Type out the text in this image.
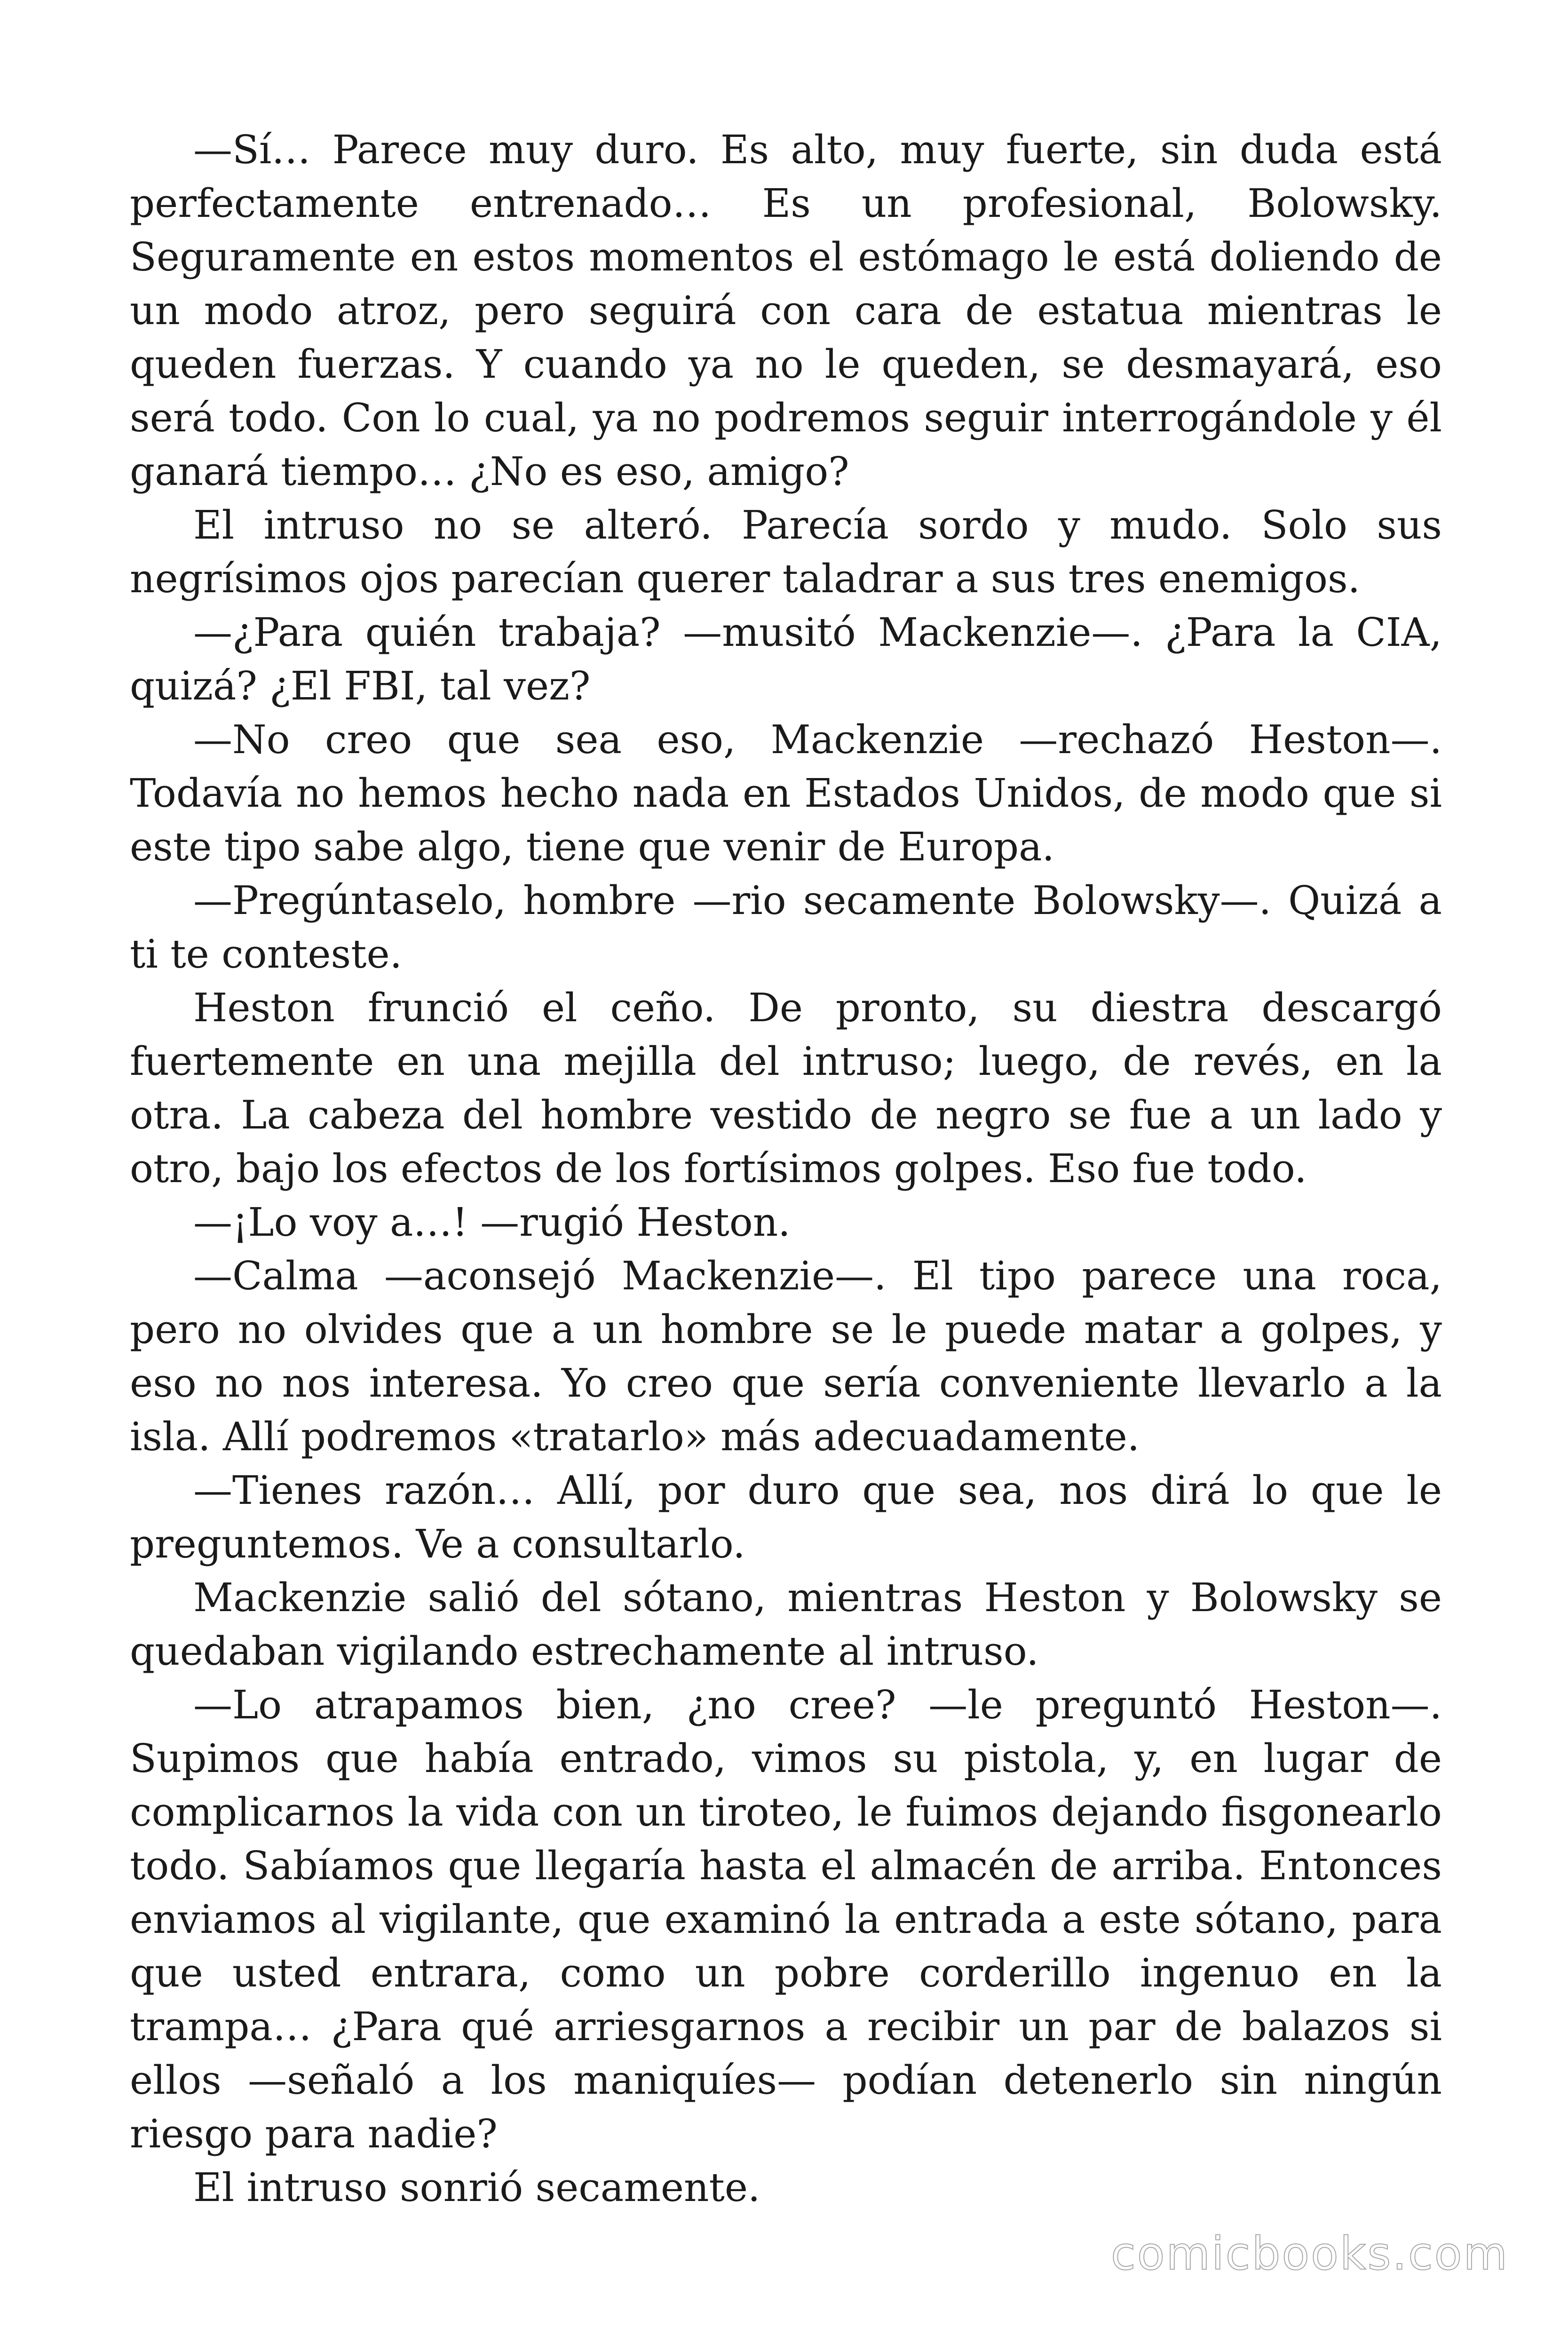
—Sí… Parece muy duro. Es alto, muy fuerte, sin duda está perfectamente entrenado… Es un profesional, Bolowsky. Seguramente en estos momentos el estómago le está doliendo de un modo atroz, pero seguirá con cara de estatua mientras le queden fuerzas. Y cuando ya no le queden, se desmayará, eso será todo. Con lo cual, ya no podremos seguir interrogándole y él ganará tiempo… ¿No es eso, amigo?

El intruso no se alteró. Parecía sordo y mudo. Solo sus negrísimos ojos parecían querer taladrar a sus tres enemigos.

—¿Para quién trabaja? —musitó Mackenzie—. ¿Para la CIA, quizá? ¿El FBI, tal vez?

—No creo que sea eso, Mackenzie —rechazó Heston—. Todavía no hemos hecho nada en Estados Unidos, de modo que si este tipo sabe algo, tiene que venir de Europa.

—Pregúntaselo, hombre —rio secamente Bolowsky—. Quizá a ti te conteste.

Heston frunció el ceño. De pronto, su diestra descargó fuertemente en una mejilla del intruso; luego, de revés, en la otra. La cabeza del hombre vestido de negro se fue a un lado y otro, bajo los efectos de los fortísimos golpes. Eso fue todo.

—¡Lo voy a…! —rugió Heston.

—Calma —aconsejó Mackenzie—. El tipo parece una roca, pero no olvides que a un hombre se le puede matar a golpes, y eso no nos interesa. Yo creo que sería conveniente llevarlo a la isla. Allí podremos «tratarlo» más adecuadamente.

—Tienes razón… Allí, por duro que sea, nos dirá lo que le preguntemos. Ve a consultarlo.

Mackenzie salió del sótano, mientras Heston y Bolowsky se quedaban vigilando estrechamente al intruso.

—Lo atrapamos bien, ¿no cree? —le preguntó Heston—. Supimos que había entrado, vimos su pistola, y, en lugar de complicarnos la vida con un tiroteo, le fuimos dejando fisgonearlo todo. Sabíamos que llegaría hasta el almacén de arriba. Entonces enviamos al vigilante, que examinó la entrada a este sótano, para que usted entrara, como un pobre corderillo ingenuo en la trampa… ¿Para qué arriesgarnos a recibir un par de balazos si ellos —señaló a los maniquíes— podían detenerlo sin ningún riesgo para nadie?

El intruso sonrió secamente.

comicbooks.com
